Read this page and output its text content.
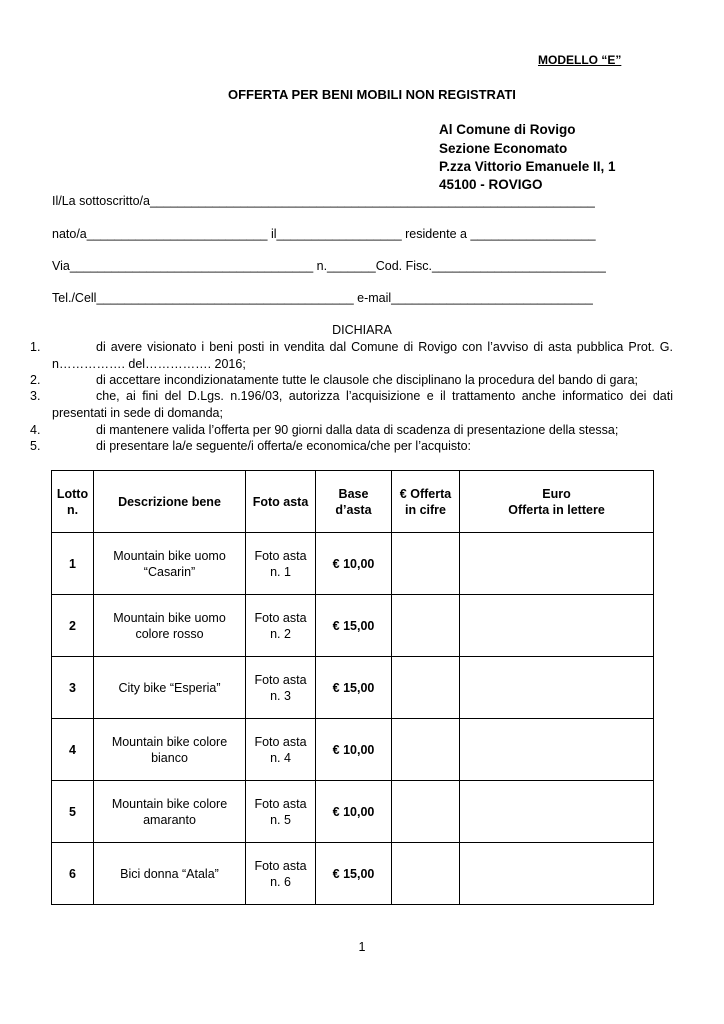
MODELLO “E”
OFFERTA PER BENI MOBILI NON REGISTRATI
Al Comune di Rovigo
Sezione Economato
P.zza Vittorio Emanuele II, 1
45100 - ROVIGO
Il/La sottoscritto/a________________________________________________________________
nato/a__________________________ il__________________ residente a __________________
Via___________________________________ n._______Cod. Fisc._________________________
Tel./Cell_____________________________________ e-mail_____________________________
DICHIARA
1.	di avere visionato i beni posti in vendita dal Comune di Rovigo con l’avviso di asta pubblica Prot. G.
n……………. del……………. 2016;
2.	di accettare incondizionatamente tutte le clausole che disciplinano la procedura del bando di gara;
3.	che, ai fini del D.Lgs. n.196/03, autorizza l’acquisizione e il trattamento anche informatico dei dati
presentati in sede di domanda;
4.	di mantenere valida l’offerta per 90 giorni dalla data di scadenza di presentazione della stessa;
5.	di presentare la/e seguente/i offerta/e economica/che per l’acquisto:
Lotto n.	Descrizione bene	Foto asta	Base d’asta	€ Offerta in cifre	Euro
Offerta in lettere

1	Mountain bike uomo “Casarin”	Foto asta n. 1	€ 10,00		
2	Mountain bike uomo colore rosso	Foto asta n. 2	€ 15,00		
3	City bike “Esperia”	Foto asta n. 3	€ 15,00		
4	Mountain bike colore bianco	Foto asta n. 4	€ 10,00		
5	Mountain bike colore amaranto	Foto asta n. 5	€ 10,00		
6	Bici donna “Atala”	Foto asta n. 6	€ 15,00		
1
